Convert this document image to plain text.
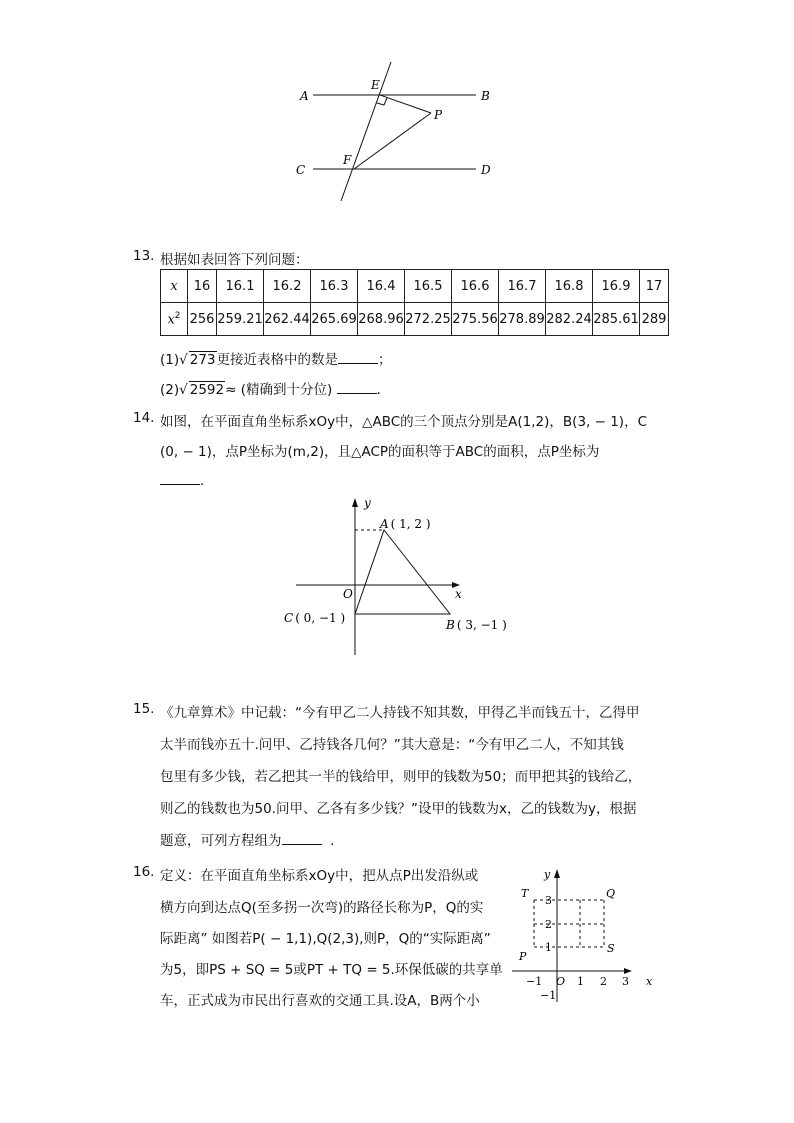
A	B
C	D
E
F
P
13. 根据如表回答下列问题：
x	16	16.1	16.2	16.3	16.4	16.5	16.6	16.7	16.8	16.9	17
$x^2$	256	259.21	262.44	265.69	268.96	272.25	275.56	278.89	282.24	285.61	289
(1)√ 273更接近表格中的数是	；
(2)√ 2592≈ (精确到十分位)	.
14. 如图，在平面直角坐标系xOy中，△ABC的三个顶点分别是A(1,2)，B(3, − 1)，C
(0, − 1)，点P坐标为(m,2)，且△ACP的面积等于ABC的面积，点P坐标为
.
y
x
O
A ( 1, 2 )
B ( 3, −1 )
C ( 0, −1 )
15. 《九章算术》中记载：“今有甲乙二人持钱不知其数，甲得乙半而钱五十，乙得甲
太半而钱亦五十.问甲、乙持钱各几何？”其大意是：“今有甲乙二人，不知其钱
包里有多少钱，若乙把其一半的钱给甲，则甲的钱数为50；而甲把其 $\frac{2}{3}$ 的钱给乙，
则乙的钱数也为50.问甲、乙各有多少钱？”设甲的钱数为x，乙的钱数为y，根据
题意，可列方程组为	.
16. 定义：在平面直角坐标系xOy中，把从点P出发沿纵或
横方向到达点Q(至多拐一次弯)的路径长称为P，Q的实
际距离” 如图若P( − 1,1),Q(2,3),则P，Q的“实际距离”
为5，即PS + SQ = 5或PT + TQ = 5.环保低碳的共享单
车，正式成为市民出行喜欢的交通工具.设A，B两个小
y
x
O
T	Q
P
S
−1	1 2 3
3
2
1
−1
